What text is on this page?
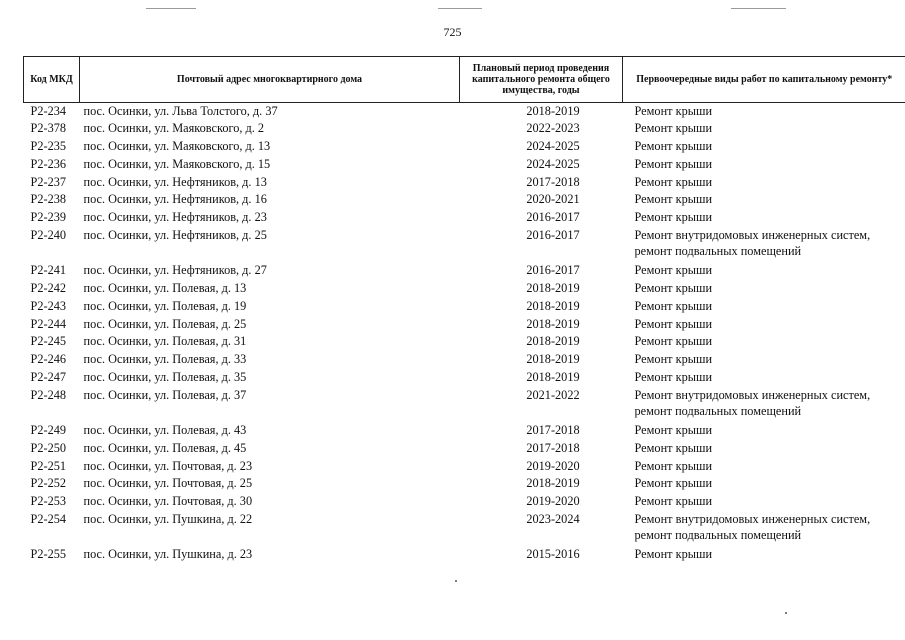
725
Код МКД	Почтовый адрес многоквартирного дома	Плановый период проведения капитального ремонта общего имущества, годы	Первоочередные виды работ по капитальному ремонту*
Р2-234	пос. Осинки, ул. Льва Толстого, д. 37	2018-2019	Ремонт крыши
Р2-378	пос. Осинки, ул. Маяковского, д. 2	2022-2023	Ремонт крыши
Р2-235	пос. Осинки, ул. Маяковского, д. 13	2024-2025	Ремонт крыши
Р2-236	пос. Осинки, ул. Маяковского, д. 15	2024-2025	Ремонт крыши
Р2-237	пос. Осинки, ул. Нефтяников, д. 13	2017-2018	Ремонт крыши
Р2-238	пос. Осинки, ул. Нефтяников, д. 16	2020-2021	Ремонт крыши
Р2-239	пос. Осинки, ул. Нефтяников, д. 23	2016-2017	Ремонт крыши
Р2-240	пос. Осинки, ул. Нефтяников, д. 25	2016-2017	Ремонт внутридомовых инженерных систем, ремонт подвальных помещений
Р2-241	пос. Осинки, ул. Нефтяников, д. 27	2016-2017	Ремонт крыши
Р2-242	пос. Осинки, ул. Полевая, д. 13	2018-2019	Ремонт крыши
Р2-243	пос. Осинки, ул. Полевая, д. 19	2018-2019	Ремонт крыши
Р2-244	пос. Осинки, ул. Полевая, д. 25	2018-2019	Ремонт крыши
Р2-245	пос. Осинки, ул. Полевая, д. 31	2018-2019	Ремонт крыши
Р2-246	пос. Осинки, ул. Полевая, д. 33	2018-2019	Ремонт крыши
Р2-247	пос. Осинки, ул. Полевая, д. 35	2018-2019	Ремонт крыши
Р2-248	пос. Осинки, ул. Полевая, д. 37	2021-2022	Ремонт внутридомовых инженерных систем, ремонт подвальных помещений
Р2-249	пос. Осинки, ул. Полевая, д. 43	2017-2018	Ремонт крыши
Р2-250	пос. Осинки, ул. Полевая, д. 45	2017-2018	Ремонт крыши
Р2-251	пос. Осинки, ул. Почтовая, д. 23	2019-2020	Ремонт крыши
Р2-252	пос. Осинки, ул. Почтовая, д. 25	2018-2019	Ремонт крыши
Р2-253	пос. Осинки, ул. Почтовая, д. 30	2019-2020	Ремонт крыши
Р2-254	пос. Осинки, ул. Пушкина, д. 22	2023-2024	Ремонт внутридомовых инженерных систем, ремонт подвальных помещений
Р2-255	пос. Осинки, ул. Пушкина, д. 23	2015-2016	Ремонт крыши
